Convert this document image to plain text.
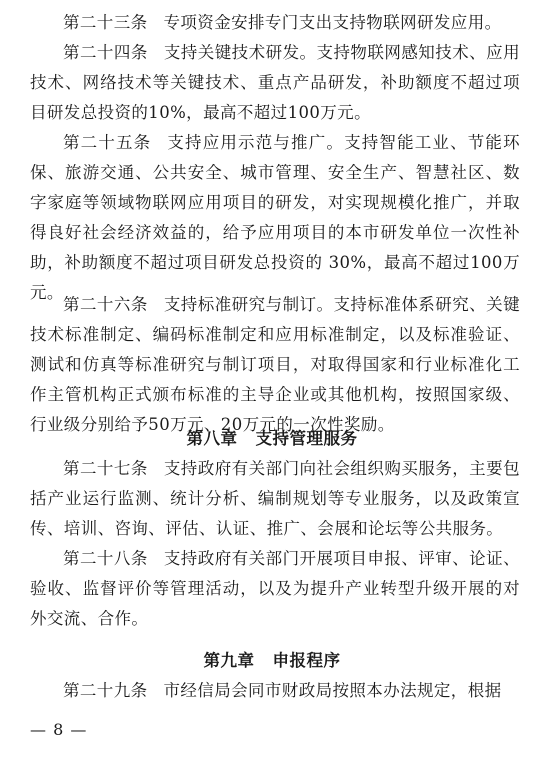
第二十三条 专项资金安排专门支出支持物联网研发应用。

第二十四条 支持关键技术研发。支持物联网感知技术、应用技术、网络技术等关键技术、重点产品研发，补助额度不超过项目研发总投资的10%，最高不超过100万元。

第二十五条 支持应用示范与推广。支持智能工业、节能环保、旅游交通、公共安全、城市管理、安全生产、智慧社区、数字家庭等领域物联网应用项目的研发，对实现规模化推广，并取得良好社会经济效益的，给予应用项目的本市研发单位一次性补助，补助额度不超过项目研发总投资的 30%，最高不超过100万元。

第二十六条 支持标准研究与制订。支持标准体系研究、关键技术标准制定、编码标准制定和应用标准制定，以及标准验证、测试和仿真等标准研究与制订项目，对取得国家和行业标准化工作主管机构正式颁布标准的主导企业或其他机构，按照国家级、行业级分别给予50万元、20万元的一次性奖励。

第八章 支持管理服务

第二十七条 支持政府有关部门向社会组织购买服务，主要包括产业运行监测、统计分析、编制规划等专业服务，以及政策宣传、培训、咨询、评估、认证、推广、会展和论坛等公共服务。

第二十八条 支持政府有关部门开展项目申报、评审、论证、验收、监督评价等管理活动，以及为提升产业转型升级开展的对外交流、合作。

第九章 申报程序

第二十九条 市经信局会同市财政局按照本办法规定，根据

— 8 —
